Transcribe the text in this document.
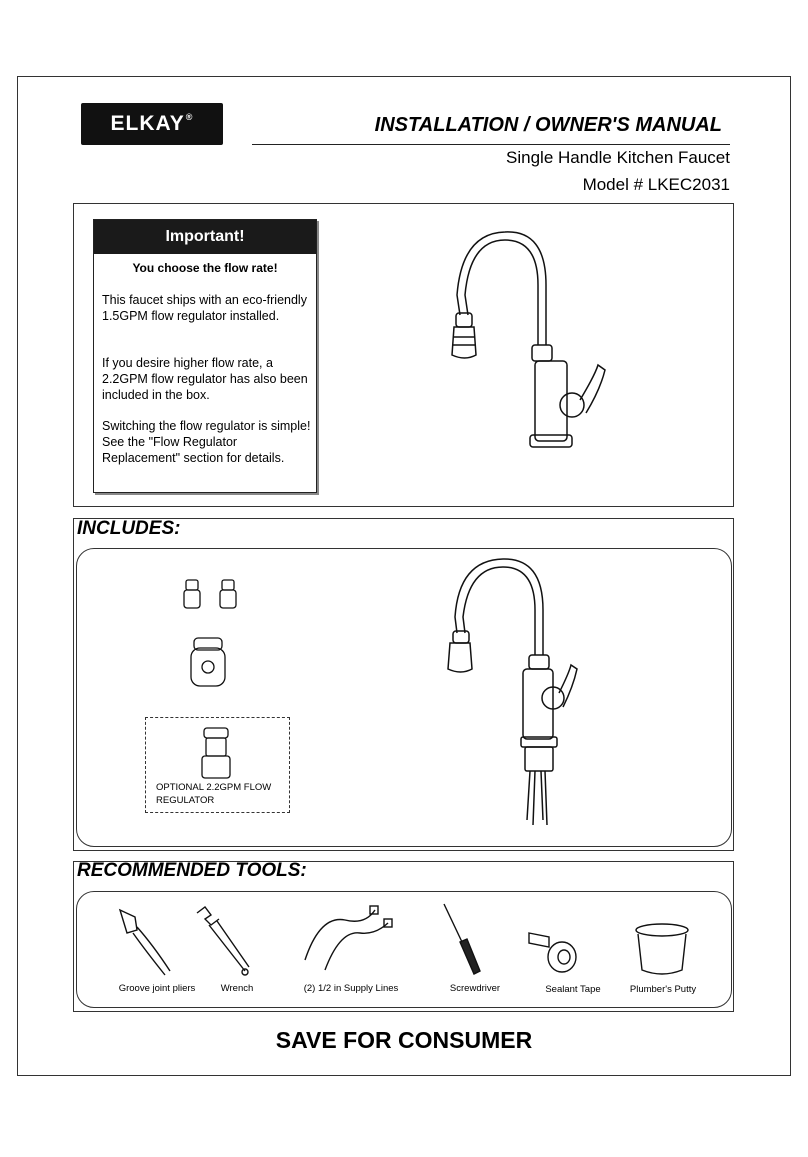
ELKAY®	INSTALLATION / OWNER'S MANUAL
Single Handle Kitchen Faucet
Model # LKEC2031
Important!
You choose the flow rate!
This faucet ships with an eco-friendly 1.5GPM flow regulator installed.
If you desire higher flow rate, a 2.2GPM flow regulator has also been included in the box.
Switching the flow regulator is simple! See the "Flow Regulator Replacement" section for details.
INCLUDES:
OPTIONAL 2.2GPM FLOW REGULATOR
RECOMMENDED TOOLS:
Groove joint pliers	Wrench	(2) 1/2 in Supply Lines	Screwdriver	Sealant Tape	Plumber's Putty
SAVE FOR CONSUMER
